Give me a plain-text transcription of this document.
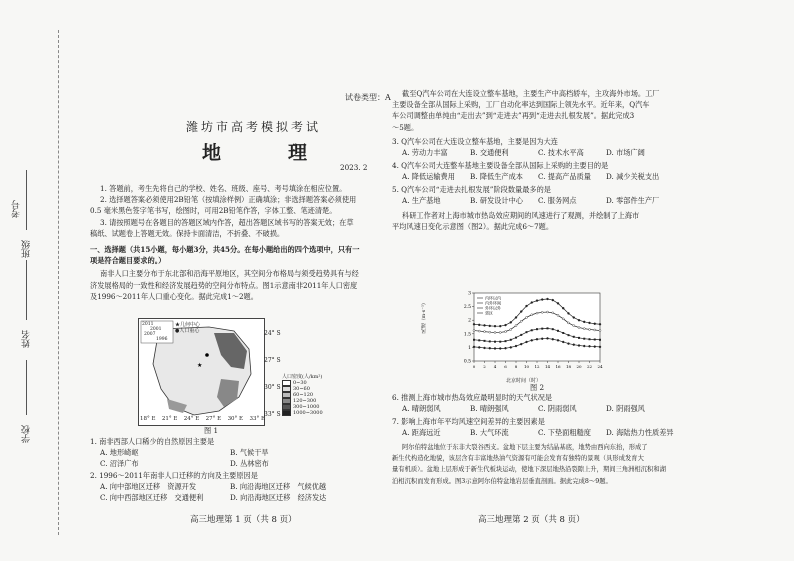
学校
姓名
班级
考号
试卷类型：A
潍坊市高考模拟考试
地　理
2023. 2
1. 答题前，考生先将自己的学校、姓名、班级、座号、考号填涂在相应位置。
2. 选择题答案必须使用2B铅笔（按填涂样例）正确填涂；非选择题答案必须使用
0.5 毫米黑色签字笔书写，绘图时，可用2B铅笔作答，字体工整、笔迹清楚。
3. 请按照题号在各题目的答题区域内作答，超出答题区域书写的答案无效；在草
稿纸、试题卷上答题无效。保持卡面清洁，不折叠、不破损。
一、选择题（共15小题，每小题3分，共45分。在每小题给出的四个选项中，只有一
项是符合题目要求的。）
南非人口主要分布于东北部和沿海平原地区，其空间分布格局与须受趋势具有与经
济发展格局的一致性和经济发展趋势的空间分布特点。图1示意南非2011年人口密度
及1996～2011年人口重心变化。据此完成1～2题。
★
2011
2001
2007
1996
★几何中心
●人口重心	24° S
27° S
30° S
33° S
18° E 21° E 24° E 27° E 30° E 33° E
人口密度(人/km²)
0~30
30~60
60~120
120~300
300~1000
1000~3000
图 1
1. 南非西部人口稀少的自然原因主要是
A. 地形崎岖	B. 气候干旱
C. 沼泽广布	D. 丛林密布
2. 1996～2011年南非人口迁移的方向及主要原因是
A. 向中部地区迁移　资源开发	B. 向沿海地区迁移　气候优越
C. 向中西部地区迁移　交通便利	D. 向沿海地区迁移　经济发达
高三地理第 1 页（共 8 页）
截至Q汽车公司在大连设立整车基地，主要生产中高档轿车，主攻海外市场。工厂
主要设备全部从国际上采购，工厂自动化率达到国际上领先水平。近年来，Q汽车
车公司调整由单纯由“走出去”到“走进去”再到“走进去扎根发展”。据此完成3
～5题。
3. Q汽车公司在大连设立整车基地，主要是因为大连
A. 劳动力丰富	B. 交通便利	C. 技术水平高	D. 市场广阔
4. Q汽车公司大连整车基地主要设备全部从国际上采购的主要目的是
A. 降低运输费用	B. 降低生产成本	C. 提高产品质量	D. 减少关税支出
5. Q汽车公司“走进去扎根发展”阶段数量最多的是
A. 生产基地	B. 研发设计中心	C. 服务网点	D. 零部件生产厂
科研工作者对上海市城市热岛效应期间的风速进行了观测，并绘制了上海市
平均风速日变化示意图（图2）。据此完成6～7题。
0.5
1
1.5
2
2.5
3
0 2 4 6 8 10 12 14 16 18 20 22 24
内环以内
内外环间
外环以外
郊区
风速（m·s⁻¹）
北京时间（时）
图 2
6. 推测上海市城市热岛效应最明显时的天气状况是
A. 晴朗弱风	B. 晴朗强风	C. 阴雨弱风	D. 阴雨强风
7. 影响上海市年平均风速空间差异的主要因素是
A. 距海远近	B. 大气环流	C. 下垫面粗糙度	D. 海陆热力性质差异
阿尔伯特盆地位于东非大裂谷西支。盆地下层主要为结晶基底，地势由西向东抬，形成了
新生代构造化地貌，该层含有丰富地热油气资源有可能会发育有独特的景观（具形成发育大
量有机质）。盆地上层形成于新生代板块运动，使地下深层地热沿裂隙上升，期间三角洲相沉积和湖
泊相沉积而发育形成。图3示意阿尔伯特盆地岩层垂直剖面。据此完成8～9题。
高三地理第 2 页（共 8 页）
